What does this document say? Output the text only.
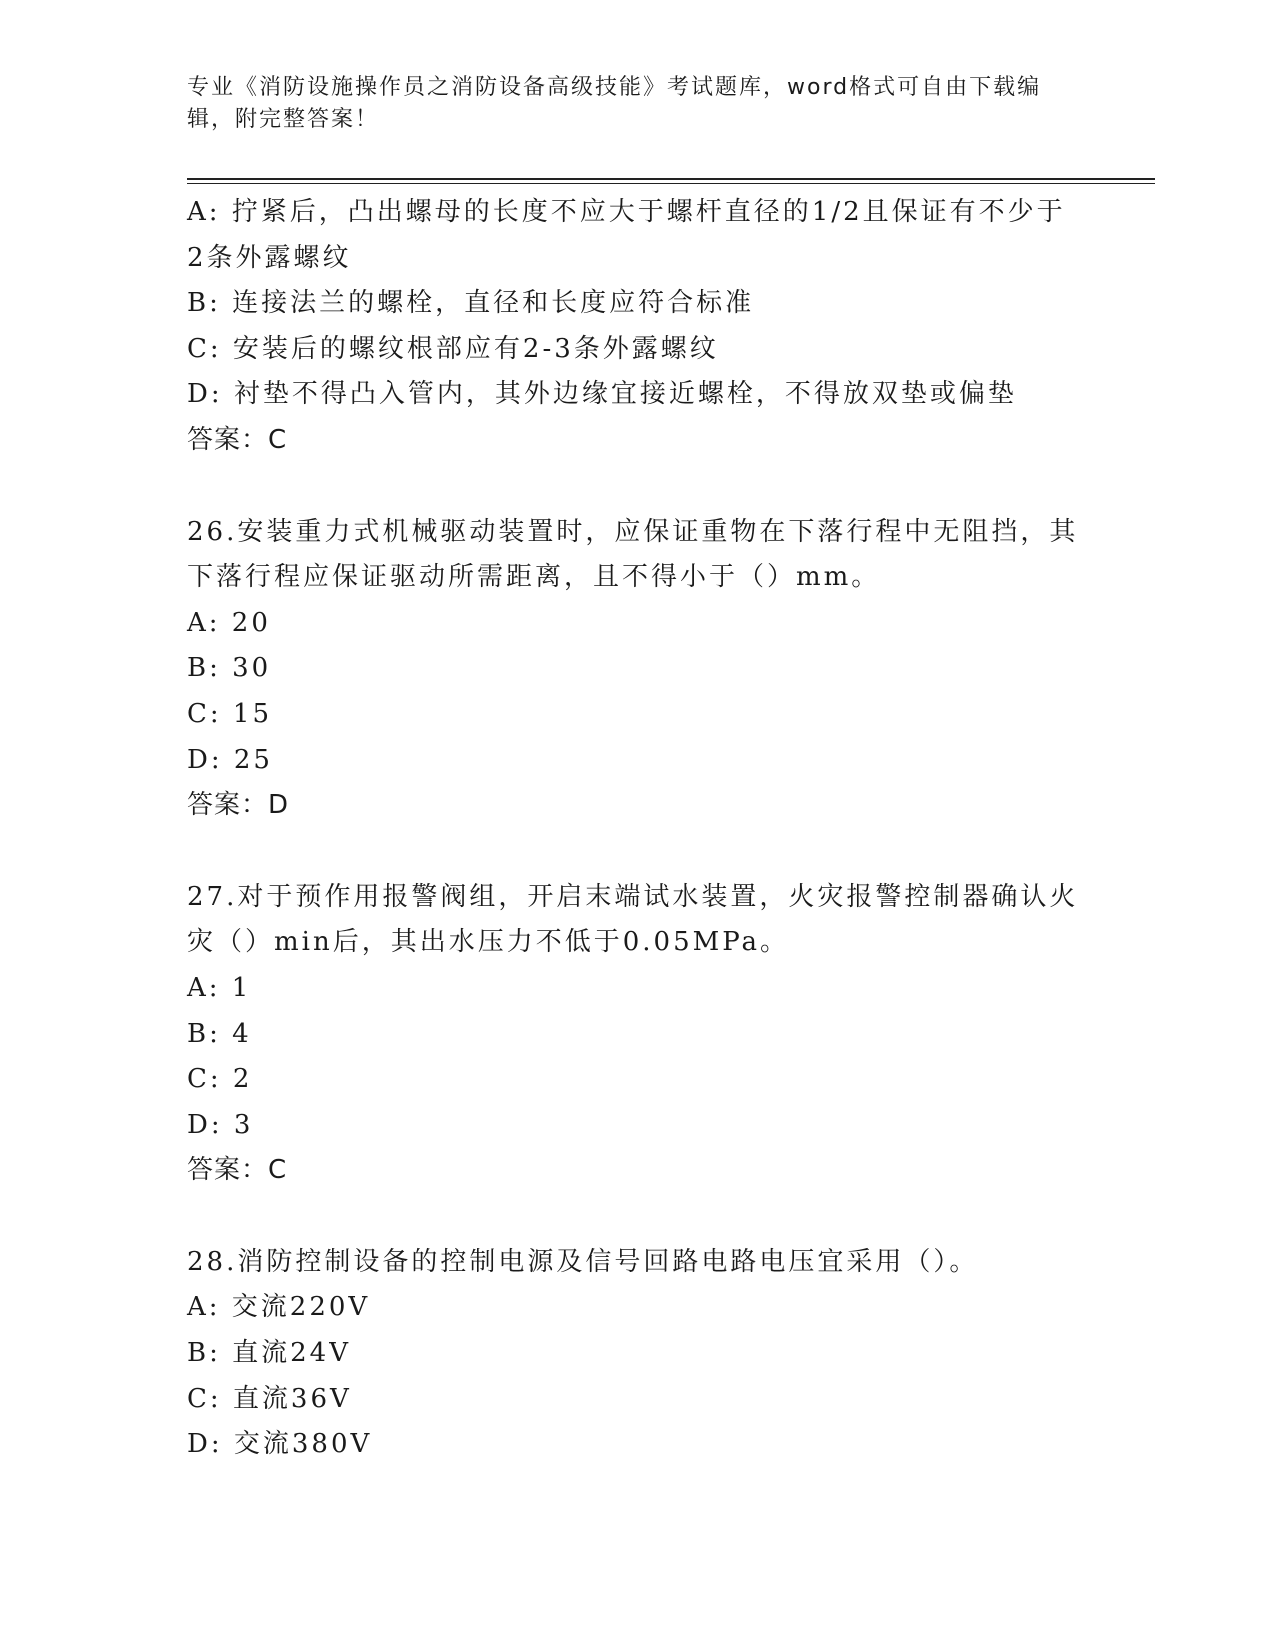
专业《消防设施操作员之消防设备高级技能》考试题库，word格式可自由下载编
辑，附完整答案！
A: 拧紧后，凸出螺母的长度不应大于螺杆直径的1/2且保证有不少于
2条外露螺纹
B: 连接法兰的螺栓，直径和长度应符合标准
C: 安装后的螺纹根部应有2-3条外露螺纹
D: 衬垫不得凸入管内，其外边缘宜接近螺栓，不得放双垫或偏垫
答案：C
26.安装重力式机械驱动装置时，应保证重物在下落行程中无阻挡，其
下落行程应保证驱动所需距离，且不得小于（）mm。
A: 20
B: 30
C: 15
D: 25
答案：D
27.对于预作用报警阀组，开启末端试水装置，火灾报警控制器确认火
灾（）min后，其出水压力不低于0.05MPa。
A: 1
B: 4
C: 2
D: 3
答案：C
28.消防控制设备的控制电源及信号回路电路电压宜采用（）。
A: 交流220V
B: 直流24V
C: 直流36V
D: 交流380V
